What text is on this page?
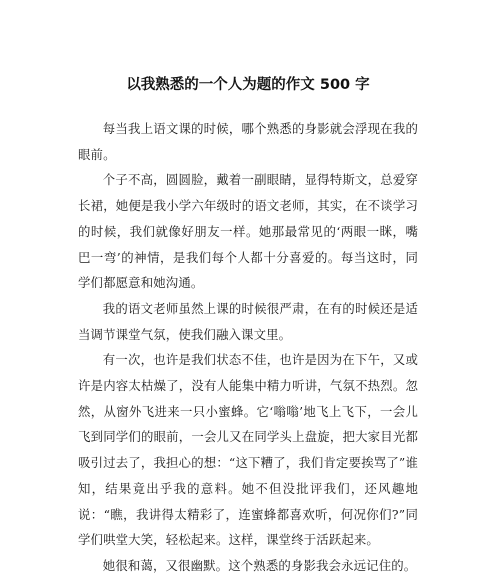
以我熟悉的一个人为题的作文 500 字

每当我上语文课的时候，哪个熟悉的身影就会浮现在我的眼前。

个子不高，圆圆脸，戴着一副眼睛，显得特斯文，总爱穿长裙，她便是我小学六年级时的语文老师，其实，在不谈学习的时候，我们就像好朋友一样。她那最常见的‘两眼一眯，嘴巴一弯’的神情，是我们每个人都十分喜爱的。每当这时，同学们都愿意和她沟通。

我的语文老师虽然上课的时候很严肃，在有的时候还是适当调节课堂气氛，使我们融入课文里。

有一次，也许是我们状态不佳，也许是因为在下午，又或许是内容太枯燥了，没有人能集中精力听讲，气氛不热烈。忽然，从窗外飞进来一只小蜜蜂。它‘嗡嗡’地飞上飞下，一会儿飞到同学们的眼前，一会儿又在同学头上盘旋，把大家目光都吸引过去了，我担心的想：“这下糟了，我们肯定要挨骂了”谁知，结果竟出乎我的意料。她不但没批评我们，还风趣地说：“瞧，我讲得太精彩了，连蜜蜂都喜欢听，何况你们?”同学们哄堂大笑，轻松起来。这样，课堂终于活跃起来。

她很和蔼，又很幽默。这个熟悉的身影我会永远记住的。
